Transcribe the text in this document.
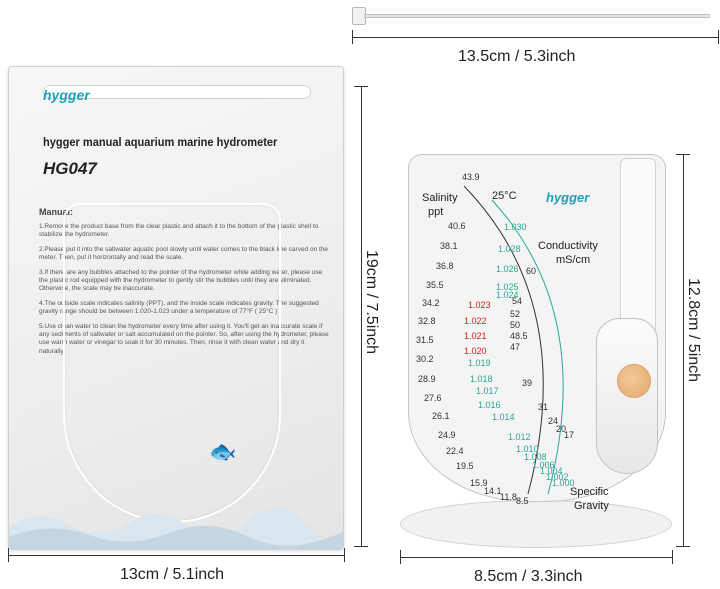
13.5cm / 5.3inch
hygger
hygger manual aquarium marine hydrometer
HG047
Manual:

1.Remove the product base from the clear plastic and attach it to the bottom of the plastic shell to stabilize the hydrometer.

2.Please put it into the saltwater aquatic pool slowly until water comes to the black line carved on the meter. Then, put it horizontally and read the scale.

3.If there are any bubbles attached to the pointer of the hydrometer while adding water, please use the plastic rod equipped with the hydrometer to gently stir the bubbles until they are eliminated. Otherwise, the scale may be inaccurate.

4.The outside scale indicates salinity (PPT), and the inside scale indicates gravity. The suggested gravity range should be between 1.020-1.023 under a temperature of 77°F ( 25°C ) .

5.Use clean water to clean the hydrometer every time after using it. You'll get an inaccurate scale if any sediments of saltwater or salt accumulated on the pointer. So, after using the hydrometer, please use warm water or vinegar to soak it for 30 minutes. Then, rinse it with clean water and dry it naturally.

🐟
19cm / 7.5inch
13cm / 5.1inch
hygger
Salinity
ppt
25°C
Conductivity
mS/cm
Specific
Gravity
43.9
40.6
38.1
36.8
35.5
34.2
32.8
31.5
30.2
28.9
27.6
26.1
24.9
22.4
19.5
15.9
14.1
11.8 8.5
1.030
1.028
1.026
1.025
1.024
1.023
1.022
1.021
1.020
1.019
1.018
1.017
1.016
1.014
1.012
1.010
1.008
1.006
1.004
1.002
1.000
60
54
52
50
48.5
47
39
31
24
20
17
12.8cm / 5inch
8.5cm / 3.3inch
